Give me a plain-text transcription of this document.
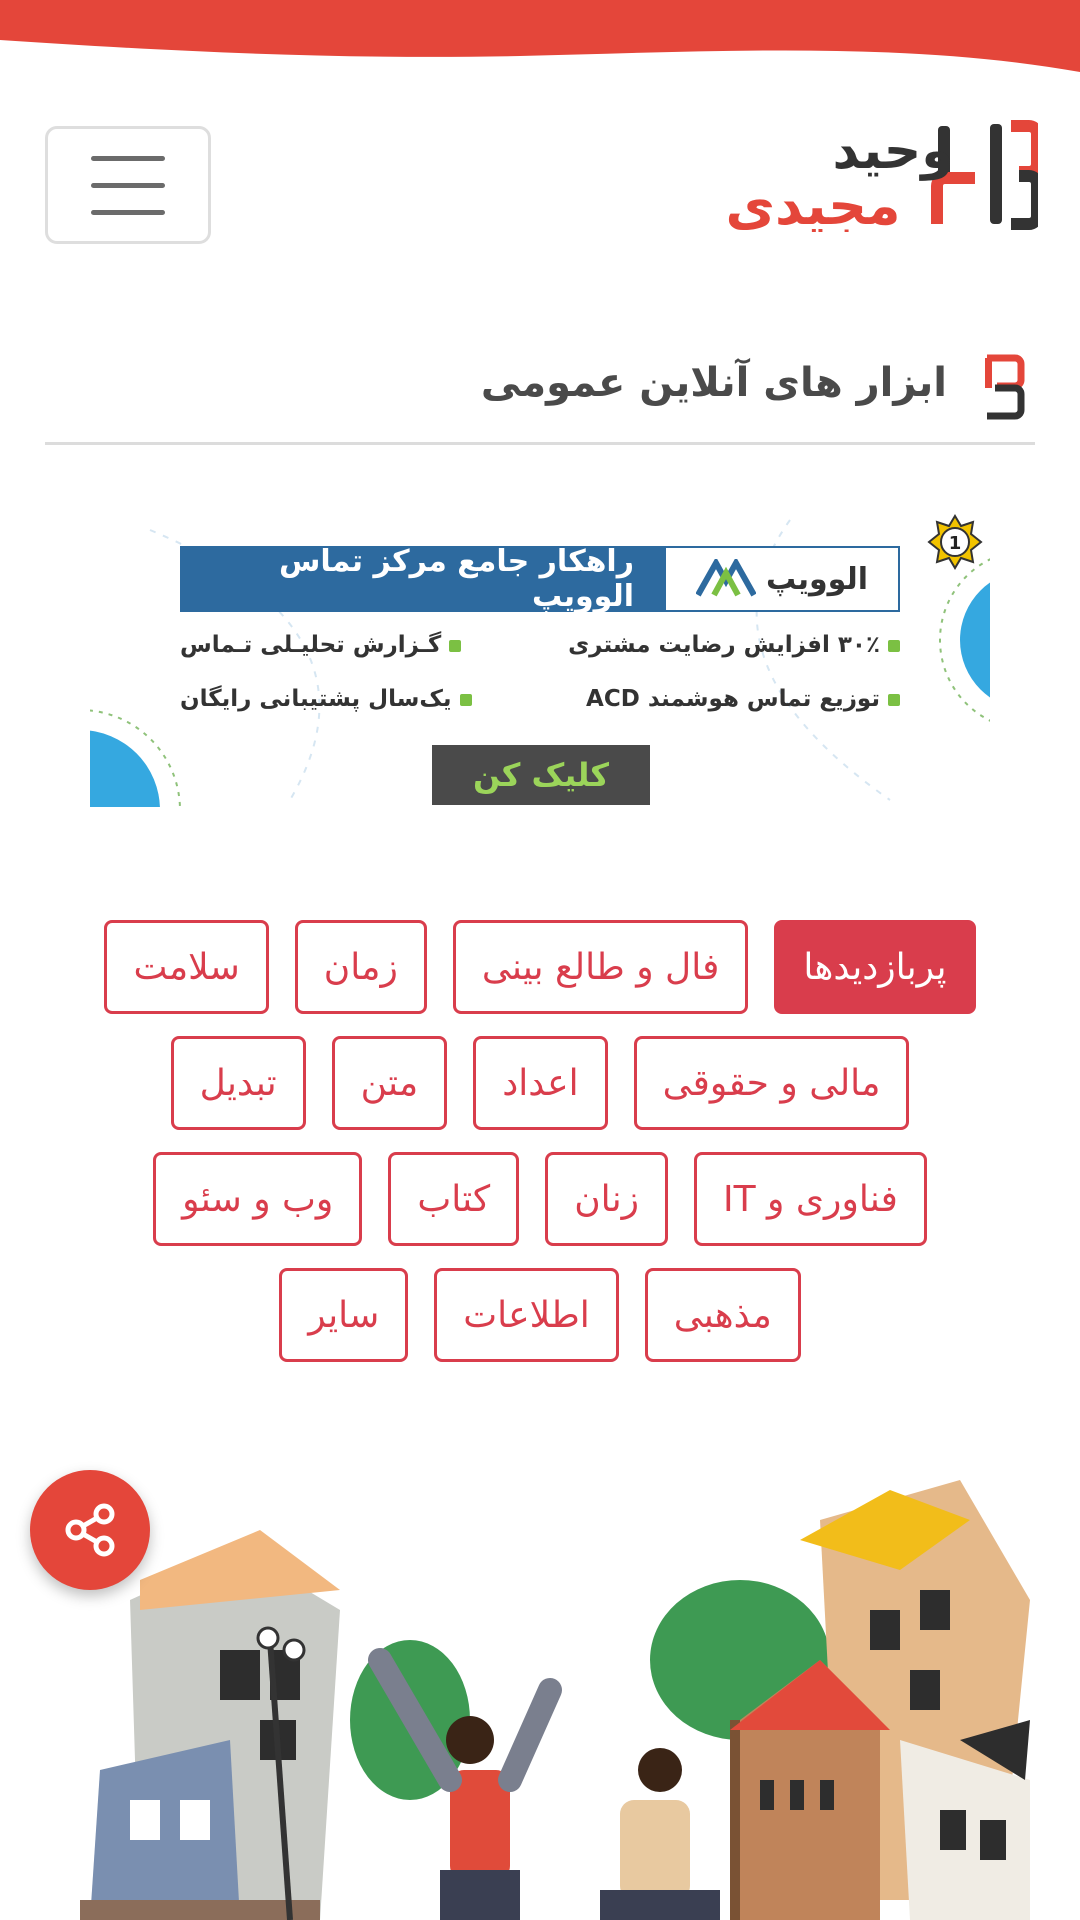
وحید
مجیدی
ابزار های آنلاین عمومی
الوویپ
راهکار جامع مرکز تماس الوویپ
۳۰٪ افزایش رضایت مشتری
گـزارش تحلیـلی تـماس
توزیع تماس هوشمند ACD
یک‌سال پشتیبانی رایگان
کلیک کن
1
پربازدیدها
فال و طالع بینی
زمان
سلامت
مالی و حقوقی
اعداد
متن
تبدیل
فناوری و IT
زنان
کتاب
وب و سئو
مذهبی
اطلاعات
سایر
